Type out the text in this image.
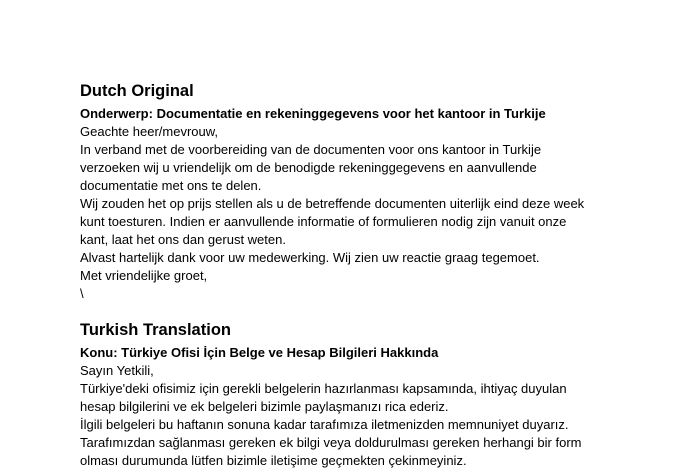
Dutch Original
Onderwerp: Documentatie en rekeninggegevens voor het kantoor in Turkije
Geachte heer/mevrouw,
In verband met de voorbereiding van de documenten voor ons kantoor in Turkije
verzoeken wij u vriendelijk om de benodigde rekeninggegevens en aanvullende
documentatie met ons te delen.
Wij zouden het op prijs stellen als u de betreffende documenten uiterlijk eind deze week
kunt toesturen. Indien er aanvullende informatie of formulieren nodig zijn vanuit onze
kant, laat het ons dan gerust weten.
Alvast hartelijk dank voor uw medewerking. Wij zien uw reactie graag tegemoet.
Met vriendelijke groet,
\
Turkish Translation
Konu: Türkiye Ofisi İçin Belge ve Hesap Bilgileri Hakkında
Sayın Yetkili,
Türkiye'deki ofisimiz için gerekli belgelerin hazırlanması kapsamında, ihtiyaç duyulan
hesap bilgilerini ve ek belgeleri bizimle paylaşmanızı rica ederiz.
İlgili belgeleri bu haftanın sonuna kadar tarafımıza iletmenizden memnuniyet duyarız.
Tarafımızdan sağlanması gereken ek bilgi veya doldurulması gereken herhangi bir form
olması durumunda lütfen bizimle iletişime geçmekten çekinmeyiniz.
